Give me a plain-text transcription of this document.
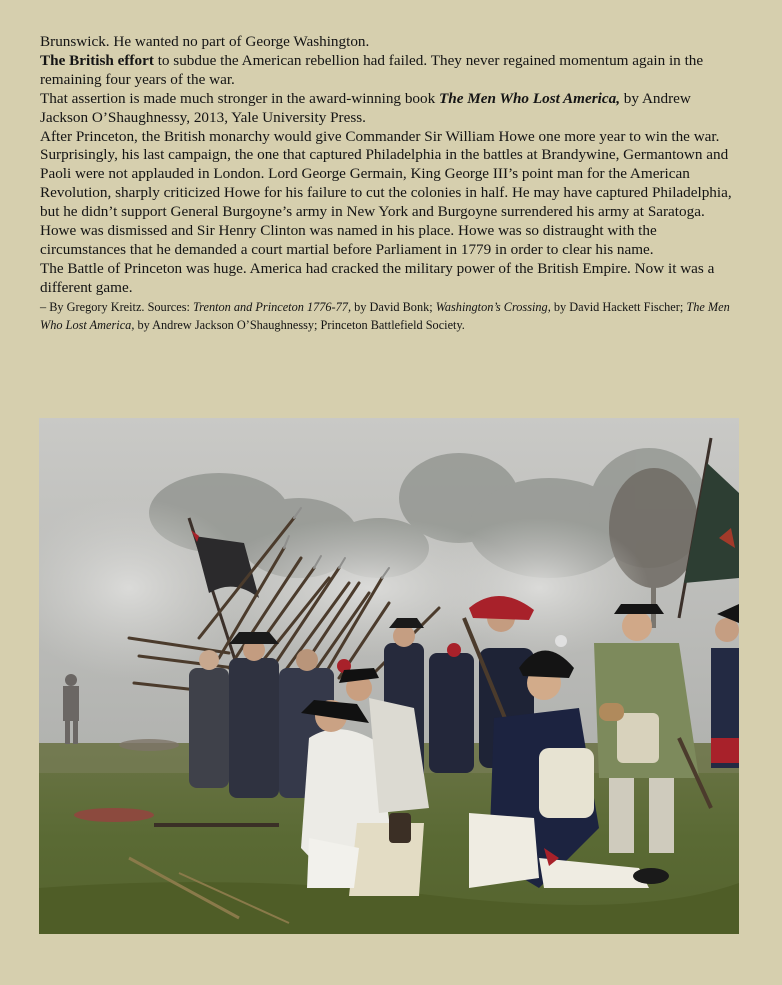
Brunswick. He wanted no part of George Washington.

The British effort to subdue the American rebellion had failed. They never regained momentum again in the remaining four years of the war.

That assertion is made much stronger in the award-winning book The Men Who Lost America, by Andrew Jackson O’Shaughnessy, 2013, Yale University Press.

After Princeton, the British monarchy would give Commander Sir William Howe one more year to win the war. Surprisingly, his last campaign, the one that captured Philadelphia in the battles at Brandywine, Germantown and Paoli were not applauded in London. Lord George Germain, King George III’s point man for the American Revolution, sharply criticized Howe for his failure to cut the colonies in half. He may have captured Philadelphia, but he didn’t support General Burgoyne’s army in New York and Burgoyne surrendered his army at Saratoga.

Howe was dismissed and Sir Henry Clinton was named in his place. Howe was so distraught with the circumstances that he demanded a court martial before Parliament in 1779 in order to clear his name.

The Battle of Princeton was huge. America had cracked the military power of the British Empire. Now it was a different game.

– By Gregory Kreitz. Sources: Trenton and Princeton 1776-77, by David Bonk; Washington’s Crossing, by David Hackett Fischer; The Men Who Lost America, by Andrew Jackson O’Shaughnessy; Princeton Battlefield Society.
